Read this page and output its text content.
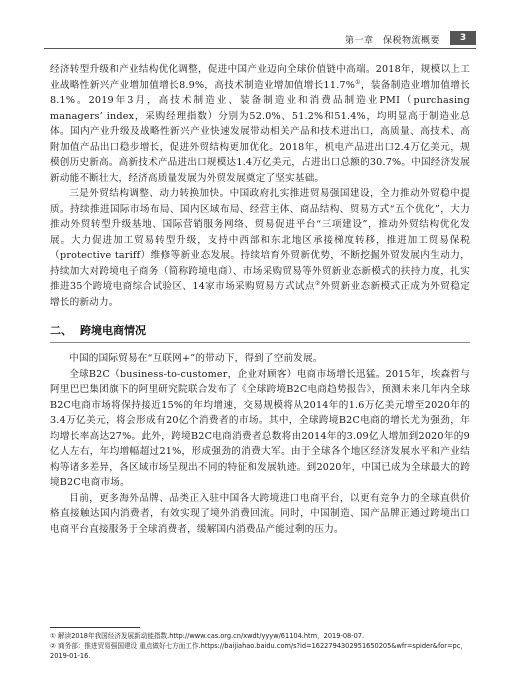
第一章　保税物流概要	3

经济转型升级和产业结构优化调整，促进中国产业迈向全球价值链中高端。2018年，规模以上工业战略性新兴产业增加值增长8.9%，高技术制造业增加值增长11.7%①，装备制造业增加值增长8.1%。2019年3月，高技术制造业、装备制造业和消费品制造业PMI（purchasing managers’ index，采购经理指数）分别为52.0%、51.2%和51.4%，均明显高于制造业总体。国内产业升级及战略性新兴产业快速发展带动相关产品和技术进出口，高质量、高技术、高附加值产品出口稳步增长，促进外贸结构更加优化。2018年，机电产品进出口2.4万亿美元，规模创历史新高。高新技术产品进出口规模达1.4万亿美元，占进出口总额的30.7%。中国经济发展新动能不断壮大，经济高质量发展为外贸发展奠定了坚实基础。

三是外贸结构调整、动力转换加快。中国政府扎实推进贸易强国建设，全力推动外贸稳中提质。持续推进国际市场布局、国内区域布局、经营主体、商品结构、贸易方式“五个优化”，大力推动外贸转型升级基地、国际营销服务网络、贸易促进平台“三项建设”，推动外贸结构优化发展。大力促进加工贸易转型升级，支持中西部和东北地区承接梯度转移，推进加工贸易保税（protective tariff）维修等新业态发展。持续培育外贸新优势，不断挖掘外贸发展内生动力，持续加大对跨境电子商务（简称跨境电商）、市场采购贸易等外贸新业态新模式的扶持力度，扎实推进35个跨境电商综合试验区、14家市场采购贸易方式试点②外贸新业态新模式正成为外贸稳定增长的新动力。

二、 跨境电商情况

中国的国际贸易在“互联网+”的带动下，得到了空前发展。

全球B2C（business-to-customer，企业对顾客）电商市场增长迅猛。2015年，埃森哲与阿里巴巴集团旗下的阿里研究院联合发布了《全球跨境B2C电商趋势报告》，预测未来几年内全球B2C电商市场将保持接近15%的年均增速，交易规模将从2014年的1.6万亿美元增至2020年的3.4万亿美元，将会形成有20亿个消费者的市场。其中，全球跨境B2C电商的增长尤为强劲，年均增长率高达27%。此外，跨境B2C电商消费者总数将由2014年的3.09亿人增加到2020年的9亿人左右，年均增幅超过21%，形成强劲的消费大军。由于全球各个地区经济发展水平和产业结构等诸多差异，各区域市场呈现出不同的特征和发展轨迹。到2020年，中国已成为全球最大的跨境B2C电商市场。

目前，更多海外品牌、品类正入驻中国各大跨境进口电商平台，以更有竞争力的全球直供价格直接触达国内消费者，有效实现了境外消费回流。同时，中国制造、国产品牌正通过跨境出口电商平台直接服务于全球消费者，缓解国内消费品产能过剩的压力。

① 解读2018年我国经济发展新动能指数.http://www.cas.org.cn/xwdt/yyyw/61104.htm，2019-08-07.

② 商务部：推进贸易强国建设 重点做好七方面工作.https://baijiahao.baidu.com/s?id=1622794302951650205&wfr=spider&for=pc，2019-01-16.
